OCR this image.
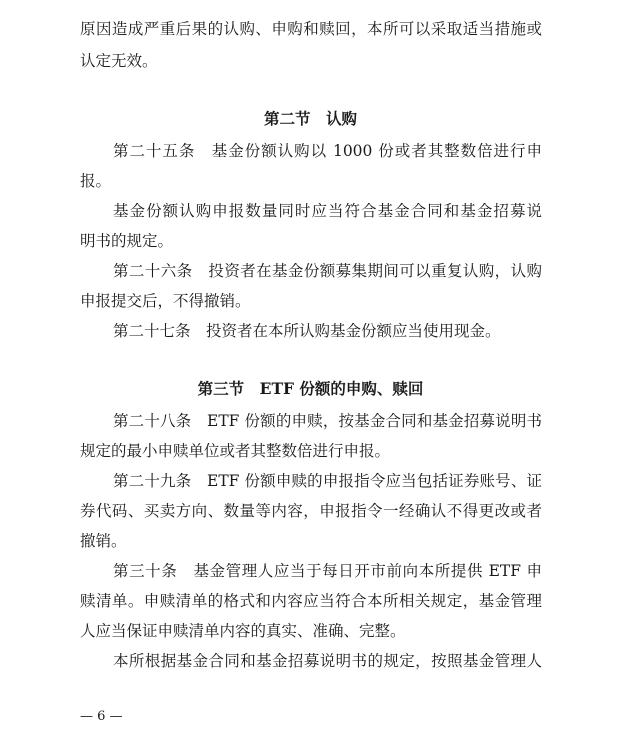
原因造成严重后果的认购、申购和赎回，本所可以采取适当措施或
认定无效。
第二节　认购
第二十五条　基金份额认购以 1000 份或者其整数倍进行申
报。
基金份额认购申报数量同时应当符合基金合同和基金招募说
明书的规定。
第二十六条　投资者在基金份额募集期间可以重复认购，认购
申报提交后，不得撤销。
第二十七条　投资者在本所认购基金份额应当使用现金。
第三节　ETF 份额的申购、赎回
第二十八条　ETF 份额的申赎，按基金合同和基金招募说明书
规定的最小申赎单位或者其整数倍进行申报。
第二十九条　ETF 份额申赎的申报指令应当包括证券账号、证
券代码、买卖方向、数量等内容，申报指令一经确认不得更改或者
撤销。
第三十条　基金管理人应当于每日开市前向本所提供 ETF 申
赎清单。申赎清单的格式和内容应当符合本所相关规定，基金管理
人应当保证申赎清单内容的真实、准确、完整。
本所根据基金合同和基金招募说明书的规定，按照基金管理人
— 6 —
